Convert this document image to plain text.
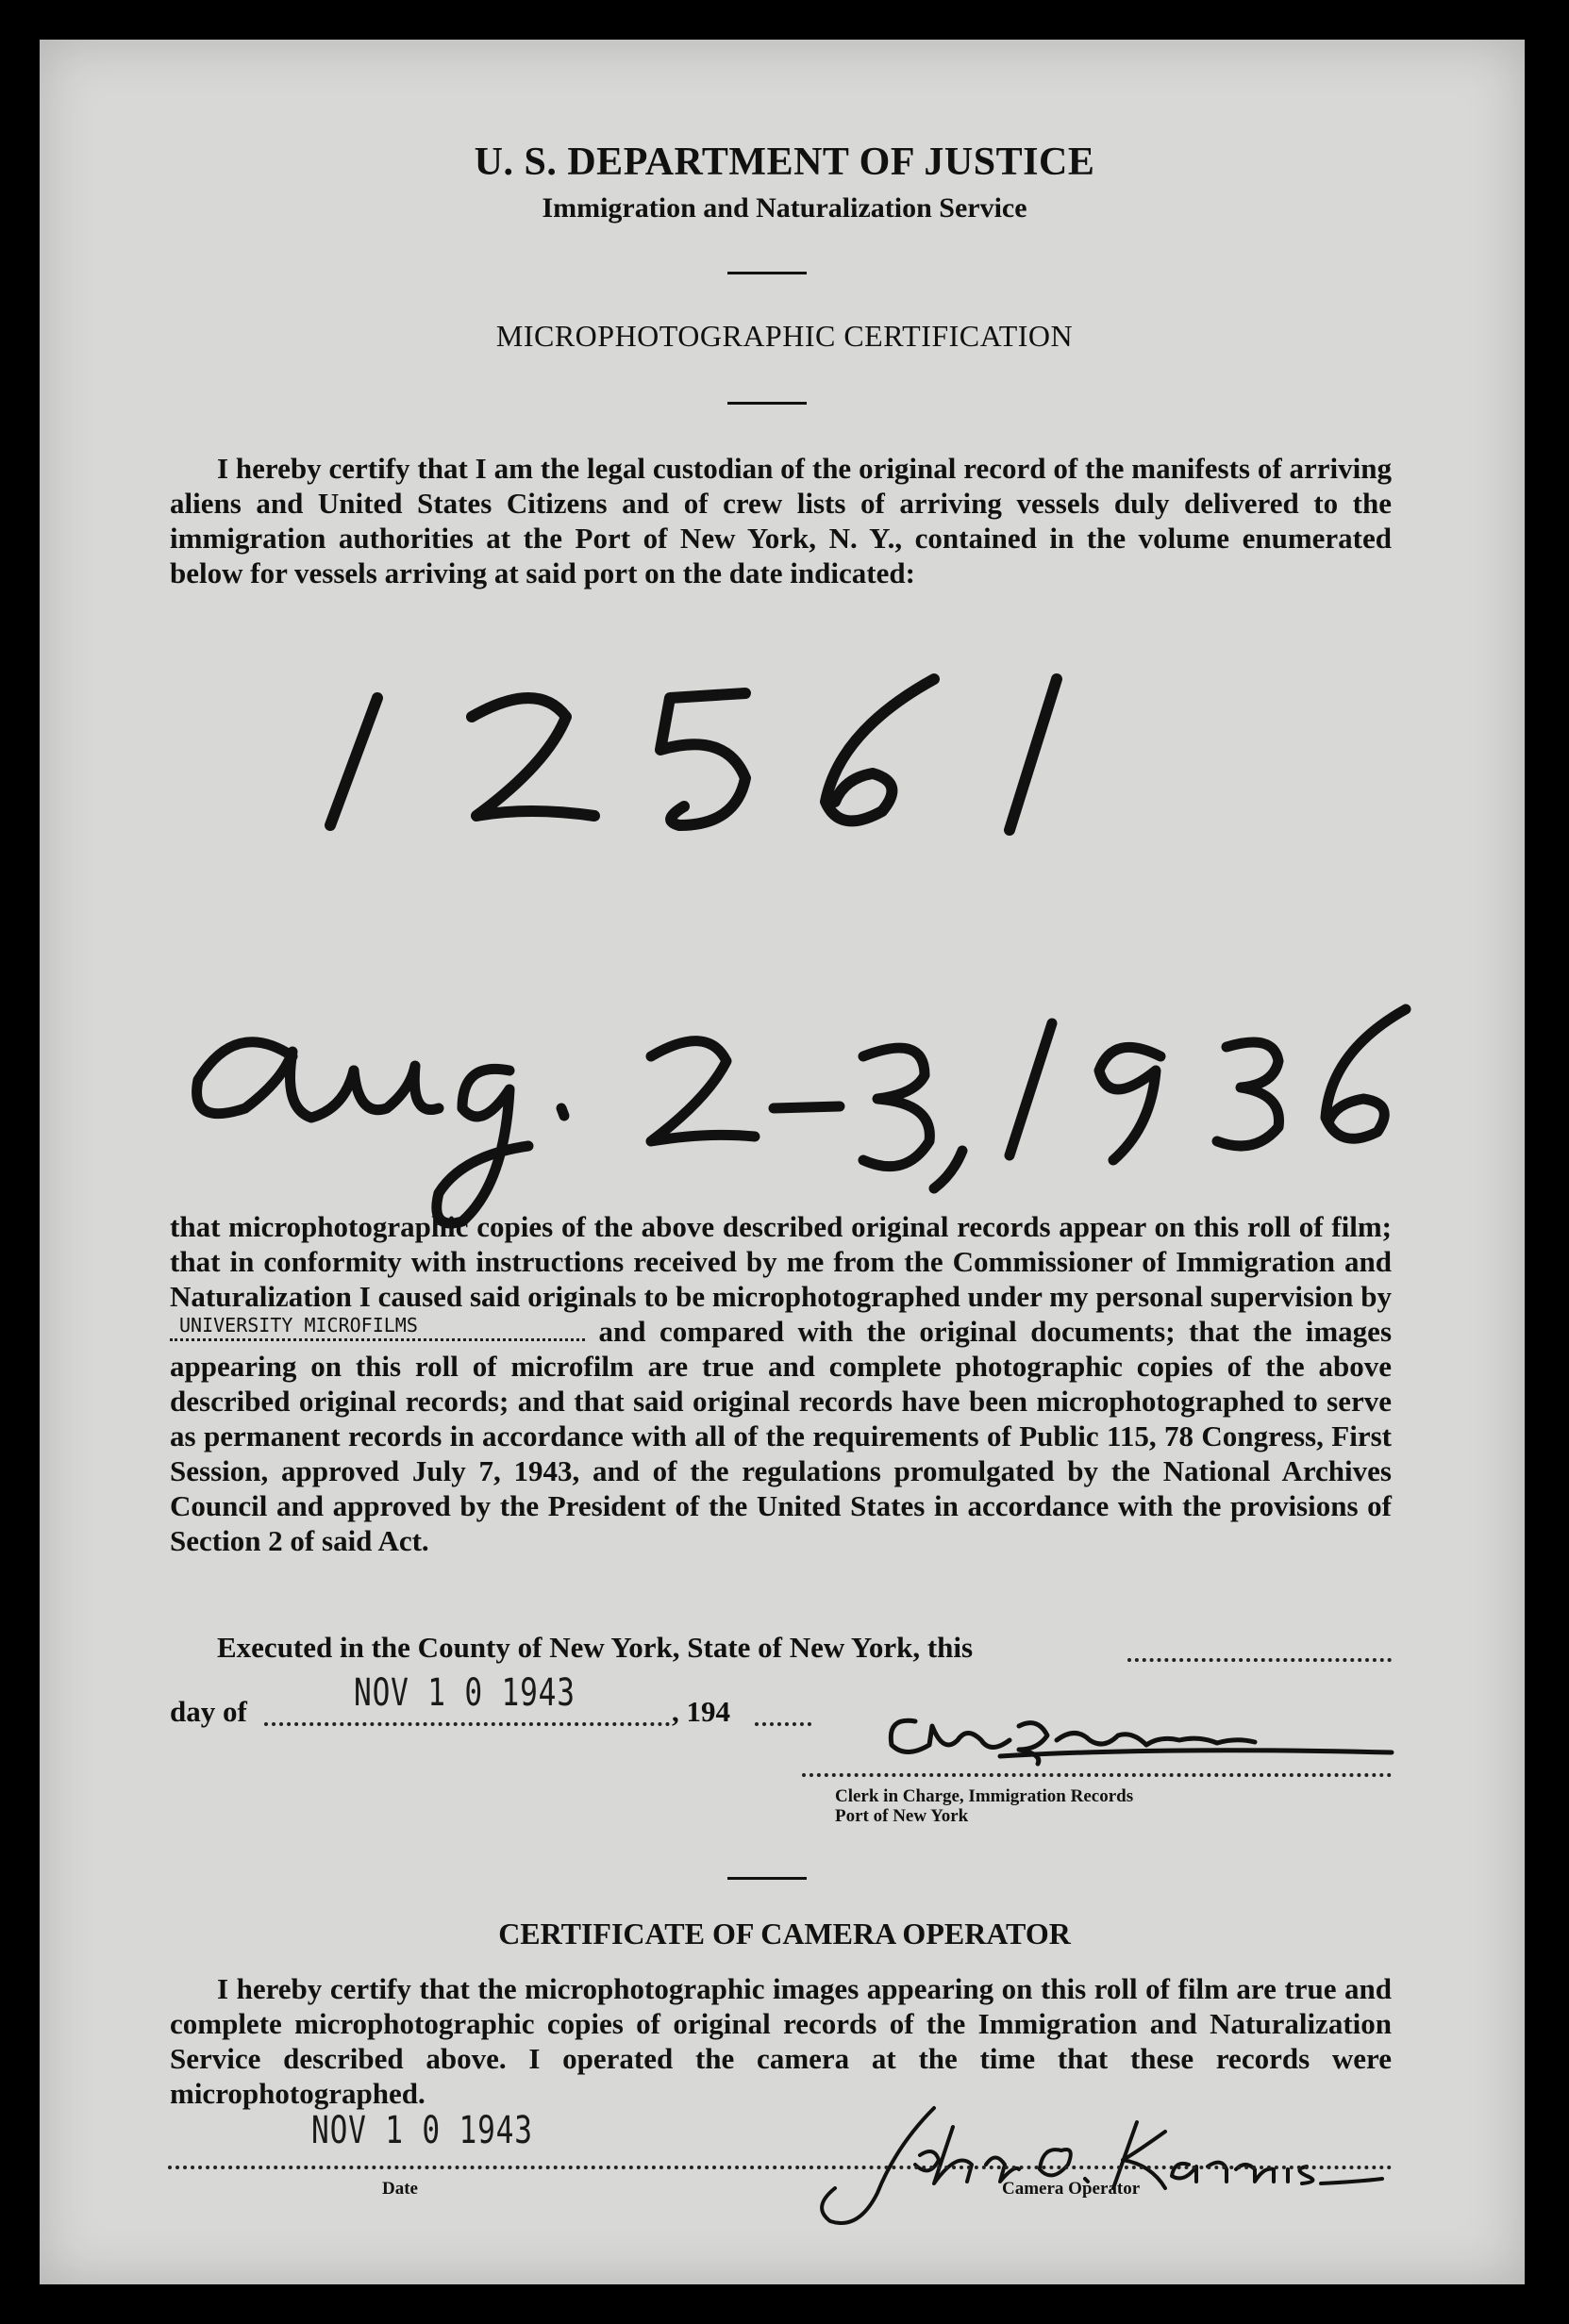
U. S. DEPARTMENT OF JUSTICE
Immigration and Naturalization Service
MICROPHOTOGRAPHIC CERTIFICATION
I hereby certify that I am the legal custodian of the original record of the manifests of arriving aliens and United States Citizens and of crew lists of arriving vessels duly delivered to the immigration authorities at the Port of New York, N. Y., contained in the volume enumerated below for vessels arriving at said port on the date indicated:
that microphotographic copies of the above described original records appear on this roll of film; that in conformity with instructions received by me from the Commissioner of Immigration and Naturalization I caused said originals to be microphotographed under my personal supervision by
UNIVERSITY MICROFILMS	and compared with the original documents; that the images appearing on this roll of microfilm are true and complete photographic copies of the above described original records; and that said original records have been microphotographed to serve as permanent records in accordance with all of the requirements of Public 115, 78 Congress, First Session, approved July 7, 1943, and of the regulations promulgated by the National Archives Council and approved by the President of the United States in accordance with the provisions of Section 2 of said Act.
Executed in the County of New York, State of New York, this
day of	NOV 1 0 1943	, 194
Clerk in Charge, Immigration Records
Port of New York
CERTIFICATE OF CAMERA OPERATOR
I hereby certify that the microphotographic images appearing on this roll of film are true and complete microphotographic copies of original records of the Immigration and Naturalization Service described above. I operated the camera at the time that these records were microphotographed.
NOV 1 0 1943
Date	Camera Operator
